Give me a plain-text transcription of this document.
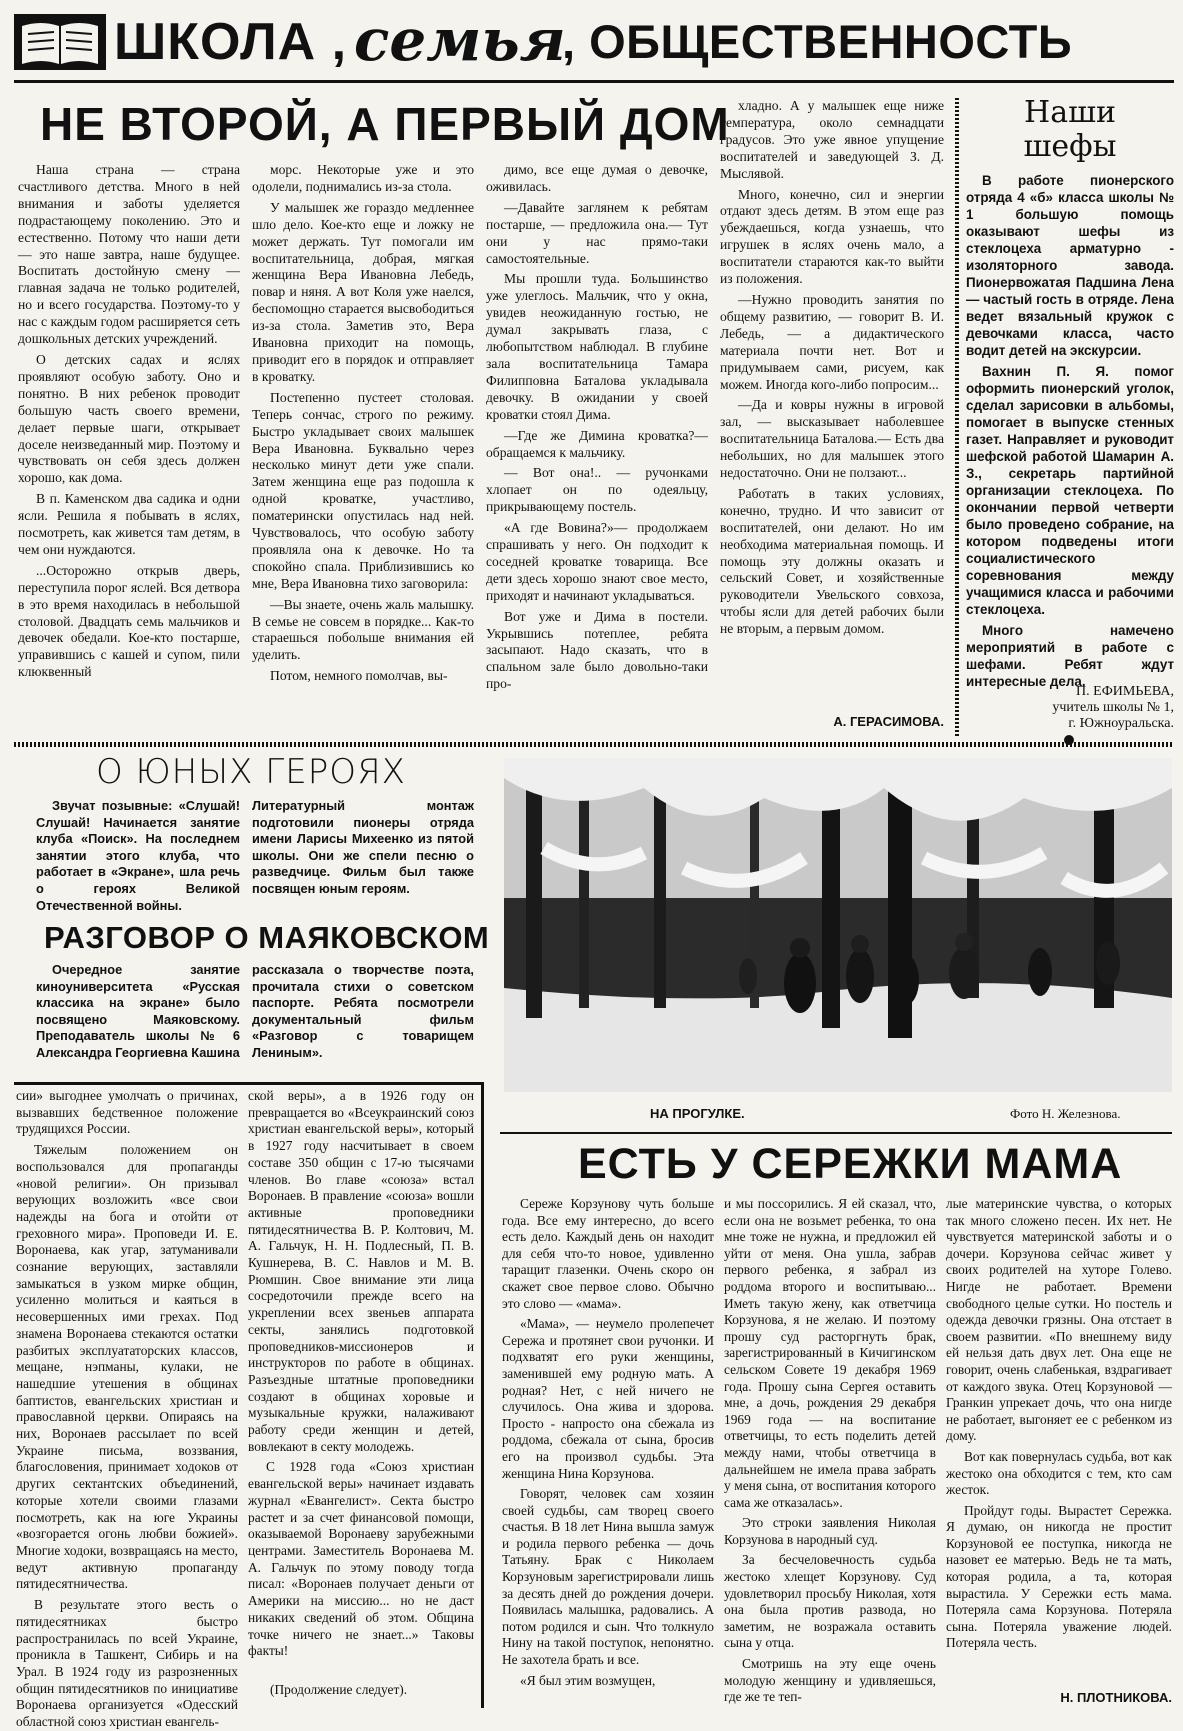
ШКОЛА , семья
, ОБЩЕСТВЕННОСТЬ
НЕ ВТОРОЙ, А ПЕРВЫЙ ДОМ

Наша страна — страна счастливого детства. Много в ней внимания и заботы уделяется подрастающему поколению. Это и естественно. Потому что наши дети — это наше завтра, наше будущее. Воспитать достойную смену — главная задача не только родителей, но и всего государства. Поэтому-то у нас с каждым годом расширяется сеть дошкольных детских учреждений.

О детских садах и яслях проявляют особую заботу. Оно и понятно. В них ребенок проводит большую часть своего времени, делает первые шаги, открывает доселе неизведанный мир. Поэтому и чувствовать он себя здесь должен хорошо, как дома.

В п. Каменском два садика и одни ясли. Решила я побывать в яслях, посмотреть, как живется там детям, в чем они нуждаются.

...Осторожно открыв дверь, переступила порог яслей. Вся детвора в это время находилась в небольшой столовой. Двадцать семь мальчиков и девочек обедали. Кое-кто постарше, управившись с кашей и супом, пили клюквенный

морс. Некоторые уже и это одолели, поднимались из-за стола.

У малышек же гораздо медленнее шло дело. Кое-кто еще и ложку не может держать. Тут помогали им воспитательница, добрая, мягкая женщина Вера Ивановна Лебедь, повар и няня. А вот Коля уже наелся, беспомощно старается высвободиться из-за стола. Заметив это, Вера Ивановна приходит на помощь, приводит его в порядок и отправляет в кроватку.

Постепенно пустеет столовая. Теперь сончас, строго по режиму. Быстро укладывает своих малышек Вера Ивановна. Буквально через несколько минут дети уже спали. Затем женщина еще раз подошла к одной кроватке, участливо, поматерински опустилась над ней. Чувствовалось, что особую заботу проявляла она к девочке. Но та спокойно спала. Приблизившись ко мне, Вера Ивановна тихо заговорила:

—Вы знаете, очень жаль малышку. В семье не совсем в порядке... Как-то стараешься побольше внимания ей уделить.

Потом, немного помолчав, вы-

димо, все еще думая о девочке, оживилась.

—Давайте заглянем к ребятам постарше, — предложила она.— Тут они у нас прямо-таки самостоятельные.

Мы прошли туда. Большинство уже улеглось. Мальчик, что у окна, увидев неожиданную гостью, не думал закрывать глаза, с любопытством наблюдал. В глубине зала воспитательница Тамара Филипповна Баталова укладывала девочку. В ожидании у своей кроватки стоял Дима.

—Где же Димина кроватка?— обращаемся к мальчику.

— Вот она!.. — ручонками хлопает он по одеяльцу, прикрывающему постель.

«А где Вовина?»— продолжаем спрашивать у него. Он подходит к соседней кроватке товарища. Все дети здесь хорошо знают свое место, приходят и начинают укладываться.

Вот уже и Дима в постели. Укрывшись потеплее, ребята засыпают. Надо сказать, что в спальном зале было довольно-таки про-

хладно. А у малышек еще ниже температура, около семнадцати градусов. Это уже явное упущение воспитателей и заведующей З. Д. Мыслявой.

Много, конечно, сил и энергии отдают здесь детям. В этом еще раз убеждаешься, когда узнаешь, что игрушек в яслях очень мало, а воспитатели стараются как-то выйти из положения.

—Нужно проводить занятия по общему развитию, — говорит В. И. Лебедь, — а дидактического материала почти нет. Вот и придумываем сами, рисуем, как можем. Иногда кого-либо попросим...

—Да и ковры нужны в игровой зал, — высказывает наболевшее воспитательница Баталова.— Есть два небольших, но для малышек этого недостаточно. Они не ползают...

Работать в таких условиях, конечно, трудно. И что зависит от воспитателей, они делают. Но им необходима материальная помощь. И помощь эту должны оказать и сельский Совет, и хозяйственные руководители Увельского совхоза, чтобы ясли для детей рабочих были не вторым, а первым домом.

А. ГЕРАСИМОВА.
Наши
шефы

В работе пионерского отряда 4 «б» класса школы № 1 большую помощь оказывают шефы из стеклоцеха арматурно - изоляторного завода. Пионервожатая Падшина Лена — частый гость в отряде. Лена ведет вязальный кружок с девочками класса, часто водит детей на экскурсии.

Вахнин П. Я. помог оформить пионерский уголок, сделал зарисовки в альбомы, помогает в выпуске стенных газет. Направляет и руководит шефской работой Шамарин А. З., секретарь партийной организации стеклоцеха. По окончании первой четверти было проведено собрание, на котором подведены итоги социалистического соревнования между учащимися класса и рабочими стеклоцеха.

Много намечено мероприятий в работе с шефами. Ребят ждут интересные дела.

П. ЕФИМЬЕВА,
учитель школы № 1,
г. Южноуральска.
О ЮНЫХ ГЕРОЯХ

Звучат позывные: «Слушай! Слушай! Начинается занятие клуба «Поиск». На последнем занятии этого клуба, что работает в «Экране», шла речь о героях Великой Отечественной войны.

Литературный монтаж подготовили пионеры отряда имени Ларисы Михеенко из пятой школы. Они же спели песню о разведчице. Фильм был также посвящен юным героям.

РАЗГОВОР О МАЯКОВСКОМ

Очередное занятие киноуниверситета «Русская классика на экране» было посвящено Маяковскому. Преподаватель школы № 6 Александра Георгиевна Кашина

рассказала о творчестве поэта, прочитала стихи о советском паспорте. Ребята посмотрели документальный фильм «Разговор с товарищем Лениным».

НА ПРОГУЛКЕ.	Фото Н. Железнова.

сии» выгоднее умолчать о причинах, вызвавших бедственное положение трудящихся России.

Тяжелым положением он воспользовался для пропаганды «новой религии». Он призывал верующих возложить «все свои надежды на бога и отойти от греховного мира». Проповеди И. Е. Воронаева, как угар, затуманивали сознание верующих, заставляли замыкаться в узком мирке общин, усиленно молиться и каяться в несовершенных ими грехах. Под знамена Воронаева стекаются остатки разбитых эксплуататорских классов, мещане, нэпманы, кулаки, не нашедшие утешения в общинах баптистов, евангельских христиан и православной церкви. Опираясь на них, Воронаев рассылает по всей Украине письма, воззвания, благословения, принимает ходоков от других сектантских объединений, которые хотели своими глазами посмотреть, как на юге Украины «возгорается огонь любви божией». Многие ходоки, возвращаясь на место, ведут активную пропаганду пятидесятничества.

В результате этого весть о пятидесятниках быстро распространилась по всей Украине, проникла в Ташкент, Сибирь и на Урал. В 1924 году из разрозненных общин пятидесятников по инициативе Воронаева организуется «Одесский областной союз христиан евангель-

ской веры», а в 1926 году он превращается во «Всеукраинский союз христиан евангельской веры», который в 1927 году насчитывает в своем составе 350 общин с 17-ю тысячами членов. Во главе «союза» встал Воронаев. В правление «союза» вошли активные проповедники пятидесятничества В. Р. Колтович, М. А. Гальчук, Н. Н. Подлесный, П. В. Кушнерева, В. С. Навлов и М. В. Рюмшин. Свое внимание эти лица сосредоточили прежде всего на укреплении всех звеньев аппарата секты, занялись подготовкой проповедников-миссионеров и инструкторов по работе в общинах. Разъездные штатные проповедники создают в общинах хоровые и музыкальные кружки, налаживают работу среди женщин и детей, вовлекают в секту молодежь.

С 1928 года «Союз христиан евангельской веры» начинает издавать журнал «Евангелист». Секта быстро растет и за счет финансовой помощи, оказываемой Воронаеву зарубежными центрами. Заместитель Воронаева М. А. Гальчук по этому поводу тогда писал: «Воронаев получает деньги от Америки на миссию... но не даст никаких сведений об этом. Община точке ничего не знает...» Таковы факты!

(Продолжение следует).
ЕСТЬ У СЕРЕЖКИ МАМА

Сереже Корзунову чуть больше года. Все ему интересно, до всего есть дело. Каждый день он находит для себя что-то новое, удивленно таращит глазенки. Очень скоро он скажет свое первое слово. Обычно это слово — «мама».

«Мама», — неумело пролепечет Сережа и протянет свои ручонки. И подхватят его руки женщины, заменившей ему родную мать. А родная? Нет, с ней ничего не случилось. Она жива и здорова. Просто - напросто она сбежала из роддома, сбежала от сына, бросив его на произвол судьбы. Эта женщина Нина Корзунова.

Говорят, человек сам хозяин своей судьбы, сам творец своего счастья. В 18 лет Нина вышла замуж и родила первого ребенка — дочь Татьяну. Брак с Николаем Корзуновым зарегистрировали лишь за десять дней до рождения дочери. Появилась малышка, радовались. А потом родился и сын. Что толкнуло Нину на такой поступок, непонятно. Не захотела брать и все.

«Я был этим возмущен,

и мы поссорились. Я ей сказал, что, если она не возьмет ребенка, то она мне тоже не нужна, и предложил ей уйти от меня. Она ушла, забрав первого ребенка, я забрал из роддома второго и воспитываю... Иметь такую жену, как ответчица Корзунова, я не желаю. И поэтому прошу суд расторгнуть брак, зарегистрированный в Кичигинском сельском Совете 19 декабря 1969 года. Прошу сына Сергея оставить мне, а дочь, рождения 29 декабря 1969 года — на воспитание ответчицы, то есть поделить детей между нами, чтобы ответчица в дальнейшем не имела права забрать у меня сына, от воспитания которого сама же отказалась».

Это строки заявления Николая Корзунова в народный суд.

За бесчеловечность судьба жестоко хлещет Корзунову. Суд удовлетворил просьбу Николая, хотя она была против развода, но заметим, не возражала оставить сына у отца.

Смотришь на эту еще очень молодую женщину и удивляешься, где же те теп-

лые материнские чувства, о которых так много сложено песен. Их нет. Не чувствуется материнской заботы и о дочери. Корзунова сейчас живет у своих родителей на хуторе Голево. Нигде не работает. Времени свободного целые сутки. Но постель и одежда девочки грязны. Она отстает в своем развитии. «По внешнему виду ей нельзя дать двух лет. Она еще не говорит, очень слабенькая, вздрагивает от каждого звука. Отец Корзуновой — Гранкин упрекает дочь, что она нигде не работает, выгоняет ее с ребенком из дому.

Вот как повернулась судьба, вот как жестоко она обходится с тем, кто сам жесток.

Пройдут годы. Вырастет Сережка. Я думаю, он никогда не простит Корзуновой ее поступка, никогда не назовет ее матерью. Ведь не та мать, которая родила, а та, которая вырастила. У Сережки есть мама. Потеряла сама Корзунова. Потеряла сына. Потеряла уважение людей. Потеряла честь.

Н. ПЛОТНИКОВА.
